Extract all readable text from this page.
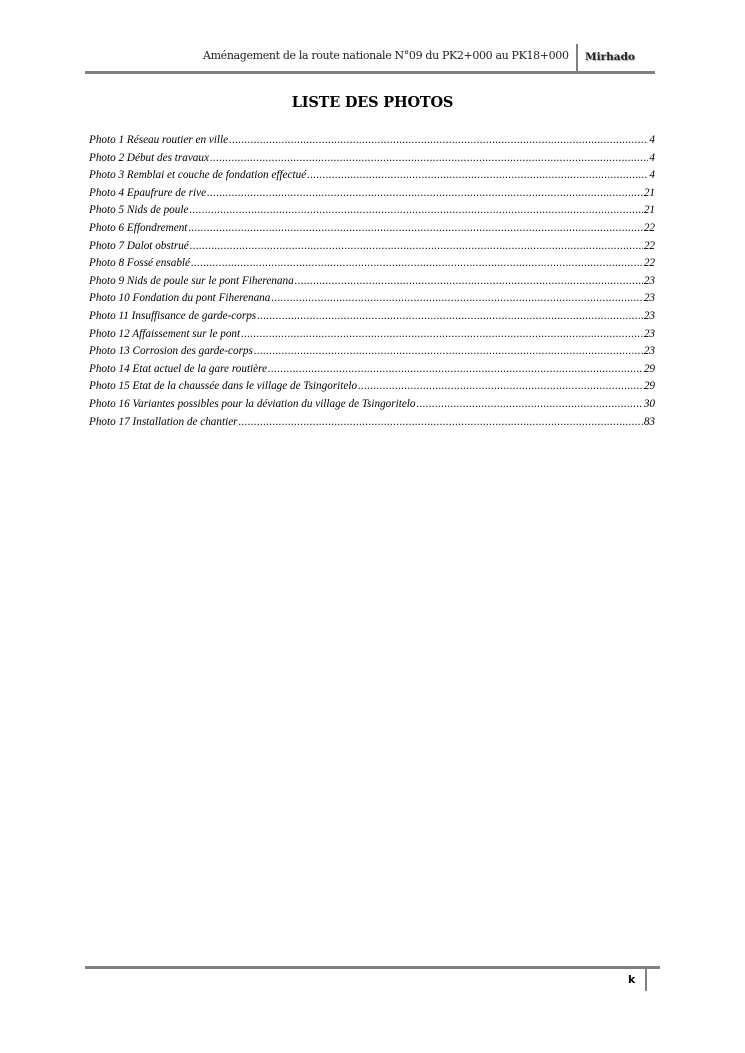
Aménagement de la route nationale N°09 du PK2+000 au PK18+000 Mirhado
LISTE DES PHOTOS
Photo 1 Réseau routier en ville .....	4
Photo 2 Début des travaux .....	4
Photo 3 Remblai et couche de fondation effectué .....	4
Photo 4 Epaufrure de rive .....	21
Photo 5 Nids de poule .....	21
Photo 6 Effondrement .....	22
Photo 7 Dalot obstrué .....	22
Photo 8 Fossé ensablé .....	22
Photo 9 Nids de poule sur le pont Fiherenana .....	23
Photo 10 Fondation du pont Fiherenana .....	23
Photo 11 Insuffisance de garde-corps .....	23
Photo 12 Affaissement sur le pont .....	23
Photo 13 Corrosion des garde-corps .....	23
Photo 14 Etat actuel de la gare routière .....	29
Photo 15 Etat de la chaussée dans le village de Tsingoritelo .....	29
Photo 16 Variantes possibles pour la déviation du village de Tsingoritelo .....	30
Photo 17 Installation de chantier .....	83
k
